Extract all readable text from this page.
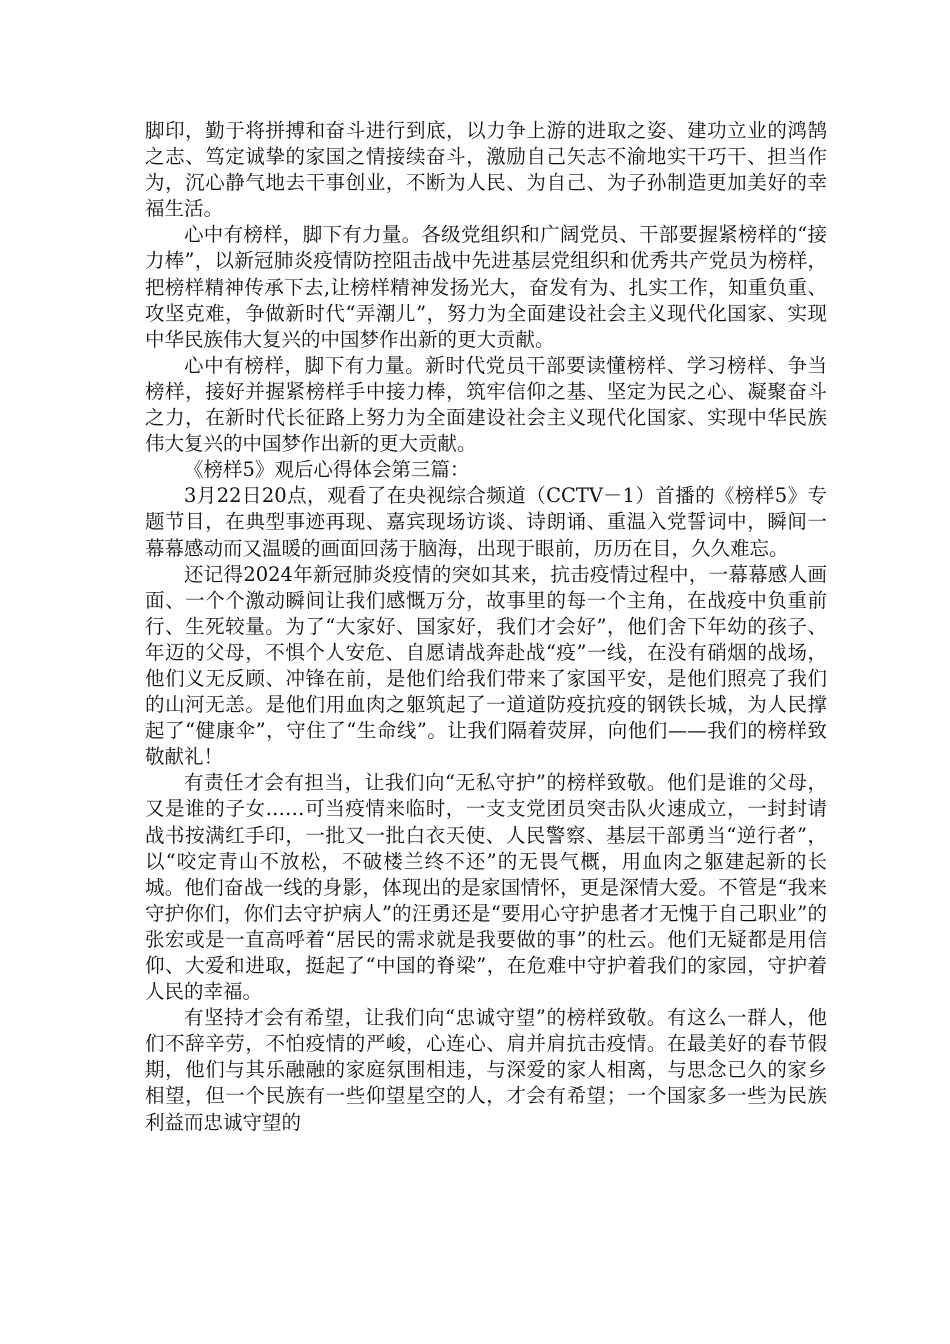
脚印，勤于将拼搏和奋斗进行到底，以力争上游的进取之姿、建功立业的鸿鹄之志、笃定诚挚的家国之情接续奋斗，激励自己矢志不渝地实干巧干、担当作为，沉心静气地去干事创业，不断为人民、为自己、为子孙制造更加美好的幸福生活。

心中有榜样，脚下有力量。各级党组织和广阔党员、干部要握紧榜样的“接力棒”，以新冠肺炎疫情防控阻击战中先进基层党组织和优秀共产党员为榜样，把榜样精神传承下去,让榜样精神发扬光大，奋发有为、扎实工作，知重负重、攻坚克难，争做新时代“弄潮儿”，努力为全面建设社会主义现代化国家、实现中华民族伟大复兴的中国梦作出新的更大贡献。

心中有榜样，脚下有力量。新时代党员干部要读懂榜样、学习榜样、争当榜样，接好并握紧榜样手中接力棒，筑牢信仰之基、坚定为民之心、凝聚奋斗之力，在新时代长征路上努力为全面建设社会主义现代化国家、实现中华民族伟大复兴的中国梦作出新的更大贡献。

《榜样5》观后心得体会第三篇：

3月22日20点，观看了在央视综合频道（CCTV－1）首播的《榜样5》专题节目，在典型事迹再现、嘉宾现场访谈、诗朗诵、重温入党誓词中，瞬间一幕幕感动而又温暖的画面回荡于脑海，出现于眼前，历历在目，久久难忘。

还记得2024年新冠肺炎疫情的突如其来，抗击疫情过程中，一幕幕感人画面、一个个激动瞬间让我们感慨万分，故事里的每一个主角，在战疫中负重前行、生死较量。为了“大家好、国家好，我们才会好”，他们舍下年幼的孩子、年迈的父母，不惧个人安危、自愿请战奔赴战“疫”一线，在没有硝烟的战场，他们义无反顾、冲锋在前，是他们给我们带来了家国平安，是他们照亮了我们的山河无恙。是他们用血肉之躯筑起了一道道防疫抗疫的钢铁长城，为人民撑起了“健康伞”，守住了“生命线”。让我们隔着荧屏，向他们——我们的榜样致敬献礼！

有责任才会有担当，让我们向“无私守护”的榜样致敬。他们是谁的父母，又是谁的子女……可当疫情来临时，一支支党团员突击队火速成立，一封封请战书按满红手印，一批又一批白衣天使、人民警察、基层干部勇当“逆行者”，以“咬定青山不放松，不破楼兰终不还”的无畏气概，用血肉之躯建起新的长城。他们奋战一线的身影，体现出的是家国情怀，更是深情大爱。不管是“我来守护你们，你们去守护病人”的汪勇还是“要用心守护患者才无愧于自己职业”的张宏或是一直高呼着“居民的需求就是我要做的事”的杜云。他们无疑都是用信仰、大爱和进取，挺起了“中国的脊梁”，在危难中守护着我们的家园，守护着人民的幸福。

有坚持才会有希望，让我们向“忠诚守望”的榜样致敬。有这么一群人，他们不辞辛劳，不怕疫情的严峻，心连心、肩并肩抗击疫情。在最美好的春节假期，他们与其乐融融的家庭氛围相违，与深爱的家人相离，与思念已久的家乡相望，但一个民族有一些仰望星空的人，才会有希望；一个国家多一些为民族利益而忠诚守望的
